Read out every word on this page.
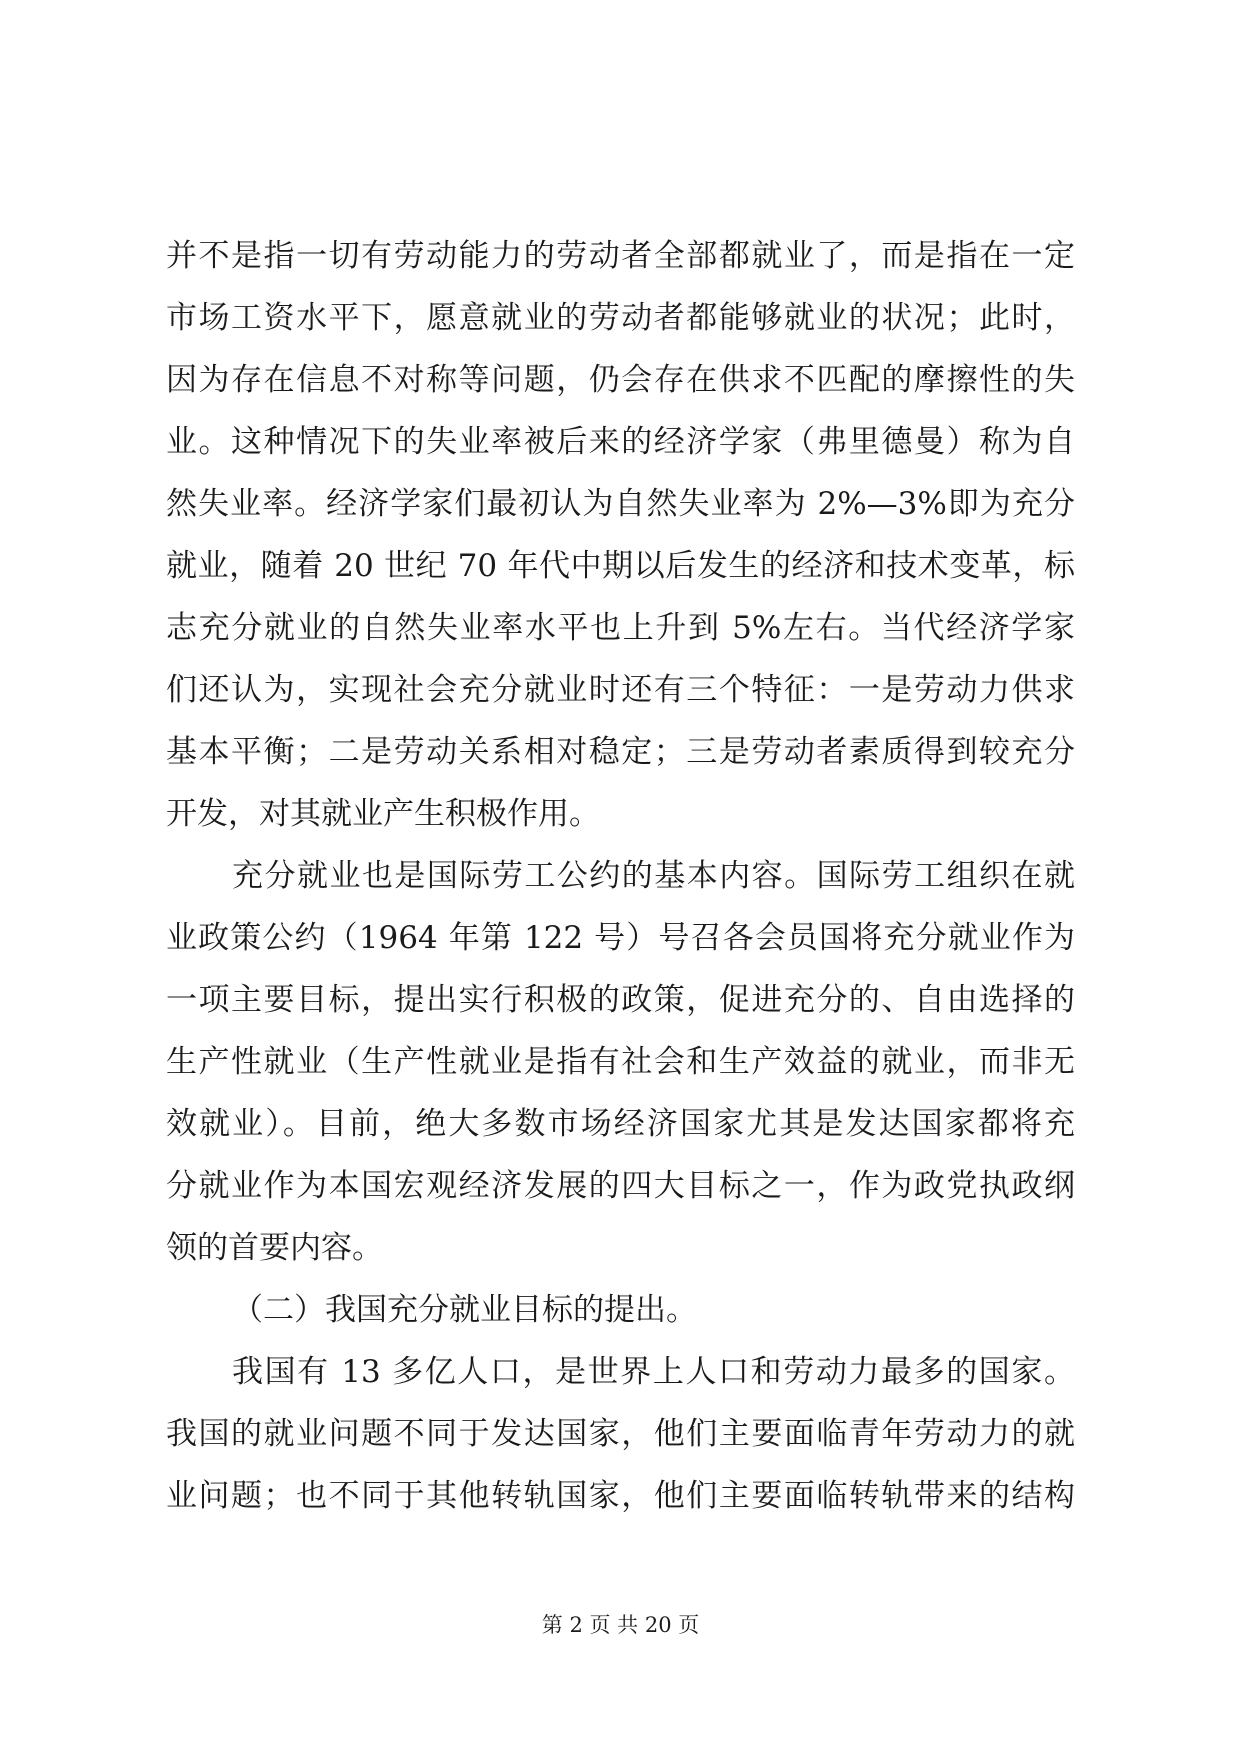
并不是指一切有劳动能力的劳动者全部都就业了，而是指在一定
市场工资水平下，愿意就业的劳动者都能够就业的状况；此时，
因为存在信息不对称等问题，仍会存在供求不匹配的摩擦性的失
业。这种情况下的失业率被后来的经济学家（弗里德曼）称为自
然失业率。经济学家们最初认为自然失业率为 2%—3%即为充分
就业，随着 20 世纪 70 年代中期以后发生的经济和技术变革，标
志充分就业的自然失业率水平也上升到 5%左右。当代经济学家
们还认为，实现社会充分就业时还有三个特征：一是劳动力供求
基本平衡；二是劳动关系相对稳定；三是劳动者素质得到较充分
开发，对其就业产生积极作用。
充分就业也是国际劳工公约的基本内容。国际劳工组织在就
业政策公约（1964 年第 122 号）号召各会员国将充分就业作为
一项主要目标，提出实行积极的政策，促进充分的、自由选择的
生产性就业（生产性就业是指有社会和生产效益的就业，而非无
效就业）。目前，绝大多数市场经济国家尤其是发达国家都将充
分就业作为本国宏观经济发展的四大目标之一，作为政党执政纲
领的首要内容。
（二）我国充分就业目标的提出。
我国有 13 多亿人口，是世界上人口和劳动力最多的国家。
我国的就业问题不同于发达国家，他们主要面临青年劳动力的就
业问题；也不同于其他转轨国家，他们主要面临转轨带来的结构
第 2 页 共 20 页
